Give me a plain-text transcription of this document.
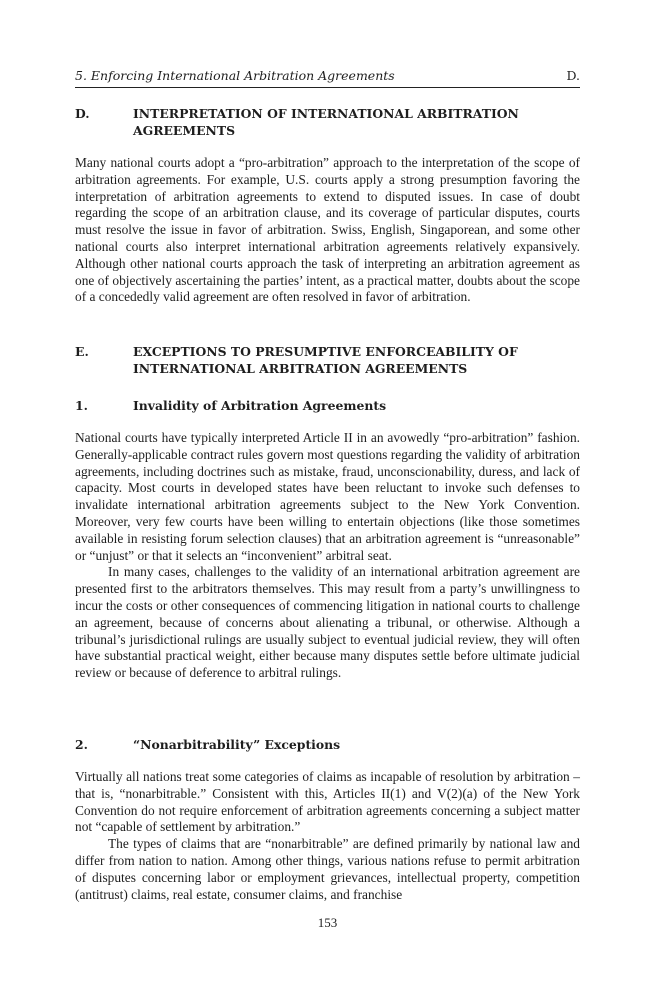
5. Enforcing International Arbitration Agreements	D.
D.	INTERPRETATION OF INTERNATIONAL ARBITRATION AGREEMENTS

Many national courts adopt a “pro-arbitration” approach to the interpretation of the scope of arbitration agreements. For example, U.S. courts apply a strong presumption favoring the interpretation of arbitration agreements to extend to disputed issues. In case of doubt regarding the scope of an arbitration clause, and its coverage of particular disputes, courts must resolve the issue in favor of arbitration. Swiss, English, Singaporean, and some other national courts also interpret international arbitration agreements relatively expansively. Although other national courts approach the task of interpreting an arbitration agreement as one of objectively ascertaining the parties’ intent, as a practical matter, doubts about the scope of a concededly valid agreement are often resolved in favor of arbitration.

E.	EXCEPTIONS TO PRESUMPTIVE ENFORCEABILITY OF INTERNATIONAL ARBITRATION AGREEMENTS
1.	Invalidity of Arbitration Agreements

National courts have typically interpreted Article II in an avowedly “pro-arbitration” fashion. Generally-applicable contract rules govern most questions regarding the validity of arbitration agreements, including doctrines such as mistake, fraud, unconscionability, duress, and lack of capacity. Most courts in developed states have been reluctant to invoke such defenses to invalidate international arbitration agreements subject to the New York Convention. Moreover, very few courts have been willing to entertain objections (like those sometimes available in resisting forum selection clauses) that an arbitration agreement is “unreasonable” or “unjust” or that it selects an “inconvenient” arbitral seat.

In many cases, challenges to the validity of an international arbitration agreement are presented first to the arbitrators themselves. This may result from a party’s unwillingness to incur the costs or other consequences of commencing litigation in national courts to challenge an agreement, because of concerns about alienating a tribunal, or otherwise. Although a tribunal’s jurisdictional rulings are usually subject to eventual judicial review, they will often have substantial practical weight, either because many disputes settle before ultimate judicial review or because of deference to arbitral rulings.

2.	“Nonarbitrability” Exceptions

Virtually all nations treat some categories of claims as incapable of resolution by arbitration – that is, “nonarbitrable.” Consistent with this, Articles II(1) and V(2)(a) of the New York Convention do not require enforcement of arbitration agreements concerning a subject matter not “capable of settlement by arbitration.”

The types of claims that are “nonarbitrable” are defined primarily by national law and differ from nation to nation. Among other things, various nations refuse to permit arbitration of disputes concerning labor or employment grievances, intellectual property, competition (antitrust) claims, real estate, consumer claims, and franchise

153
